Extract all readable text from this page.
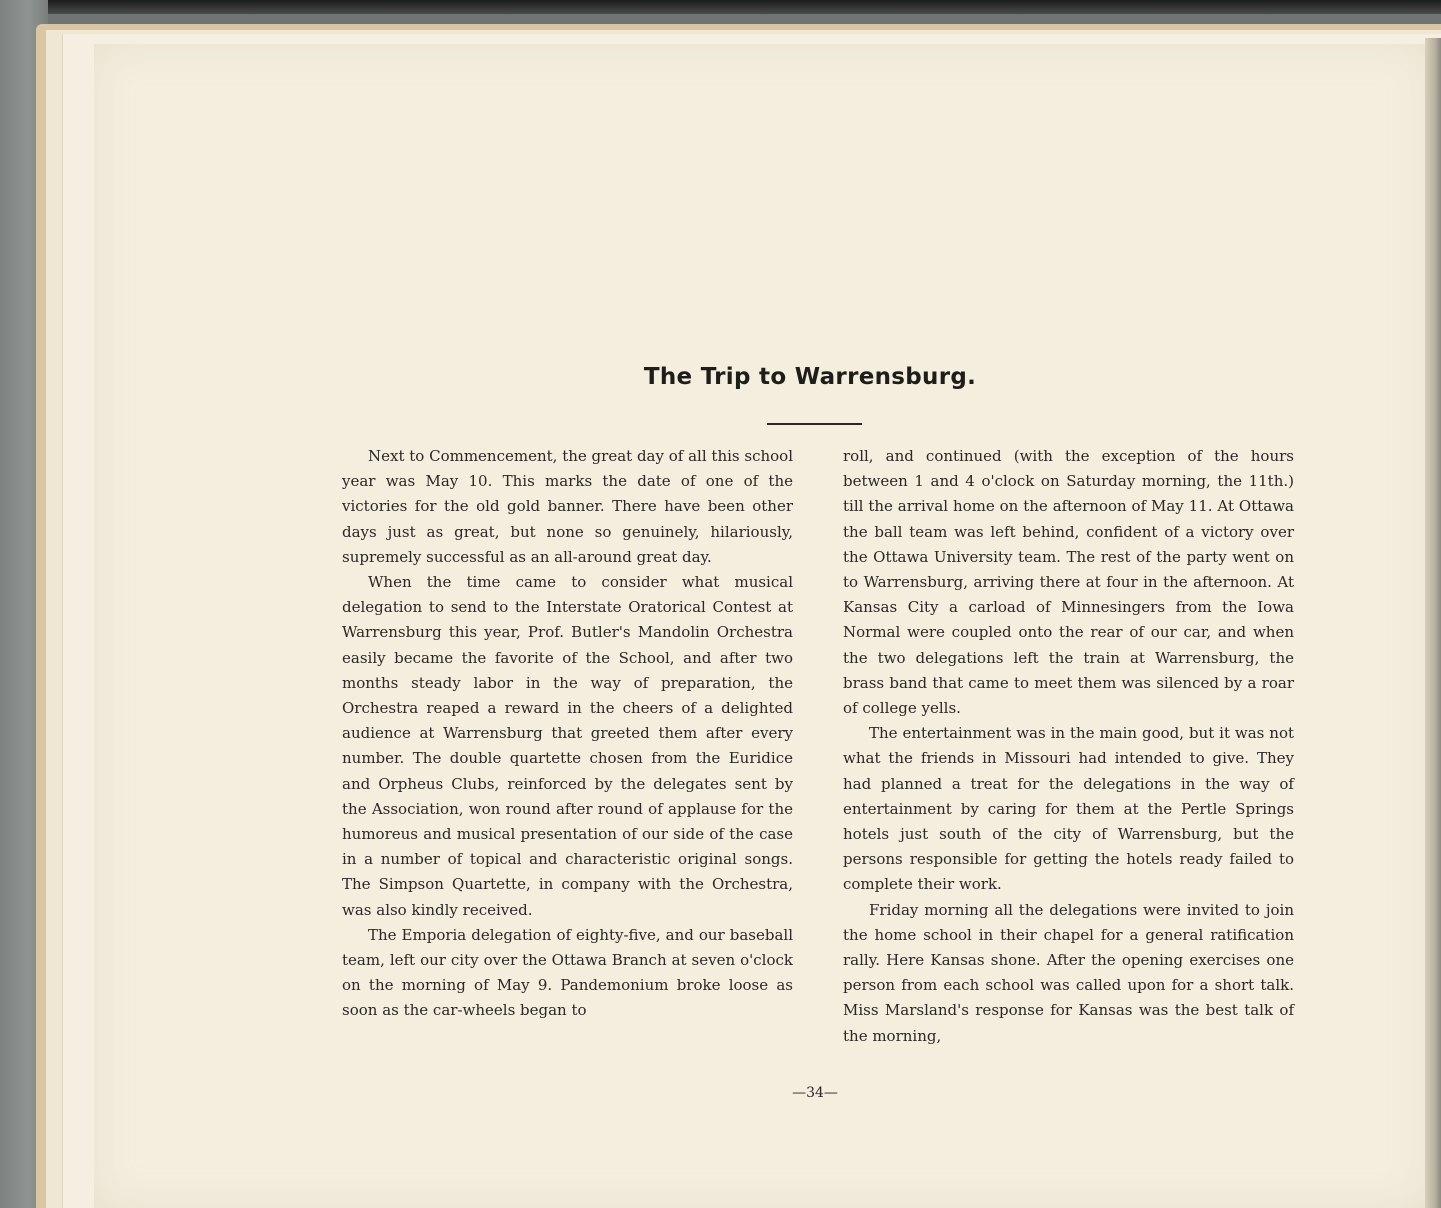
The Trip to Warrensburg.

Next to Commencement, the great day of all this school year was May 10. This marks the date of one of the victories for the old gold banner. There have been other days just as great, but none so genuinely, hilariously, supremely successful as an all-around great day.

When the time came to consider what musical delegation to send to the Interstate Oratorical Contest at Warrensburg this year, Prof. Butler's Mandolin Orchestra easily became the favorite of the School, and after two months steady labor in the way of preparation, the Orchestra reaped a reward in the cheers of a delighted audience at Warrensburg that greeted them after every number. The double quartette chosen from the Euridice and Orpheus Clubs, reinforced by the delegates sent by the Association, won round after round of applause for the humoreus and musical presentation of our side of the case in a number of topical and characteristic original songs. The Simpson Quartette, in company with the Orchestra, was also kindly received.

The Emporia delegation of eighty-five, and our baseball team, left our city over the Ottawa Branch at seven o'clock on the morning of May 9. Pandemonium broke loose as soon as the car-wheels began to

roll, and continued (with the exception of the hours between 1 and 4 o'clock on Saturday morning, the 11th.) till the arrival home on the afternoon of May 11. At Ottawa the ball team was left behind, confident of a victory over the Ottawa University team. The rest of the party went on to Warrensburg, arriving there at four in the afternoon. At Kansas City a carload of Minnesingers from the Iowa Normal were coupled onto the rear of our car, and when the two delegations left the train at Warrensburg, the brass band that came to meet them was silenced by a roar of college yells.

The entertainment was in the main good, but it was not what the friends in Missouri had intended to give. They had planned a treat for the delegations in the way of entertainment by caring for them at the Pertle Springs hotels just south of the city of Warrensburg, but the persons responsible for getting the hotels ready failed to complete their work.

Friday morning all the delegations were invited to join the home school in their chapel for a general ratification rally. Here Kansas shone. After the opening exercises one person from each school was called upon for a short talk. Miss Marsland's response for Kansas was the best talk of the morning,

—34—
